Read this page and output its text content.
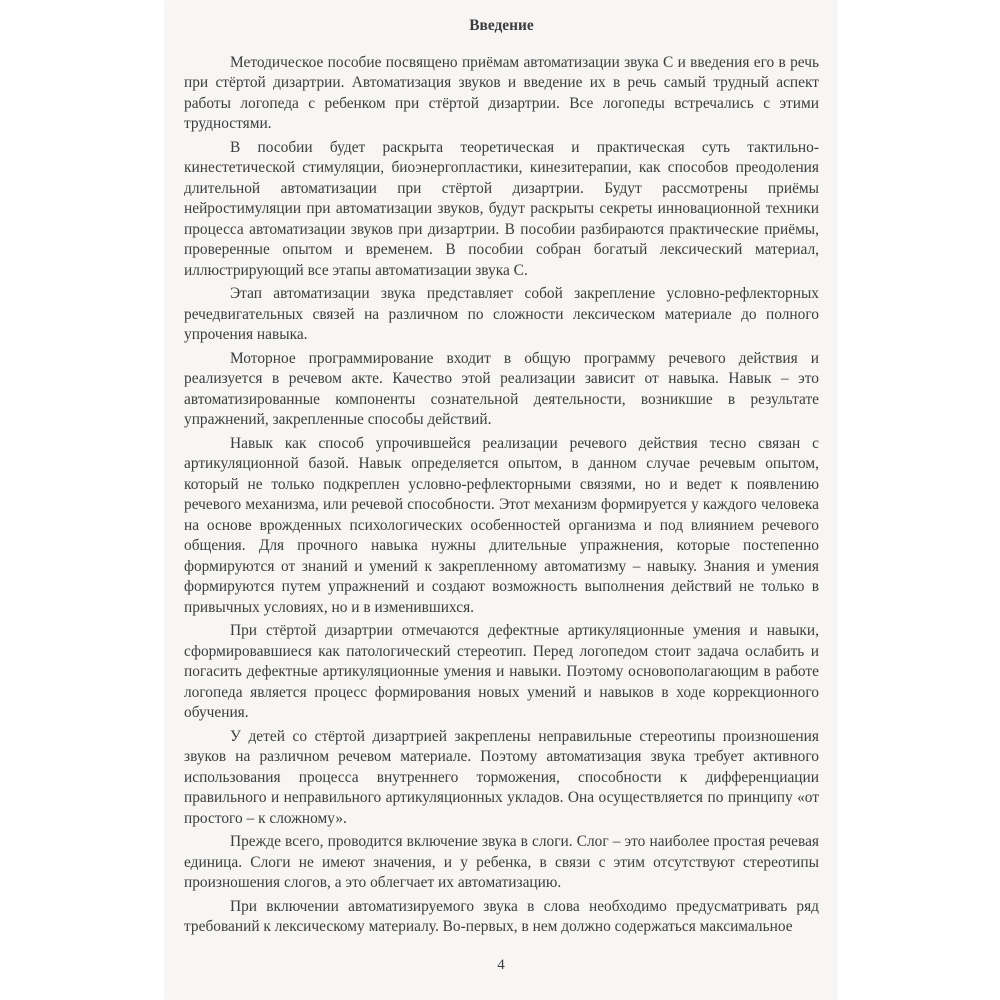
Введение

Методическое пособие посвящено приёмам автоматизации звука С и введения его в речь при стёртой дизартрии. Автоматизация звуков и введение их в речь самый трудный аспект работы логопеда с ребенком при стёртой дизартрии. Все логопеды встречались с этими трудностями.

В пособии будет раскрыта теоретическая и практическая суть тактильно-кинестетической стимуляции, биоэнергопластики, кинезитерапии, как способов преодоления длительной автоматизации при стёртой дизартрии. Будут рассмотрены приёмы нейростимуляции при автоматизации звуков, будут раскрыты секреты инновационной техники процесса автоматизации звуков при дизартрии. В пособии разбираются практические приёмы, проверенные опытом и временем. В пособии собран богатый лексический материал, иллюстрирующий все этапы автоматизации звука С.

Этап автоматизации звука представляет собой закрепление условно-рефлекторных речедвигательных связей на различном по сложности лексическом материале до полного упрочения навыка.

Моторное программирование входит в общую программу речевого действия и реализуется в речевом акте. Качество этой реализации зависит от навыка. Навык – это автоматизированные компоненты сознательной деятельности, возникшие в результате упражнений, закрепленные способы действий.

Навык как способ упрочившейся реализации речевого действия тесно связан с артикуляционной базой. Навык определяется опытом, в данном случае речевым опытом, который не только подкреплен условно-рефлекторными связями, но и ведет к появлению речевого механизма, или речевой способности. Этот механизм формируется у каждого человека на основе врожденных психологических особенностей организма и под влиянием речевого общения. Для прочного навыка нужны длительные упражнения, которые постепенно формируются от знаний и умений к закрепленному автоматизму – навыку. Знания и умения формируются путем упражнений и создают возможность выполнения действий не только в привычных условиях, но и в изменившихся.

При стёртой дизартрии отмечаются дефектные артикуляционные умения и навыки, сформировавшиеся как патологический стереотип. Перед логопедом стоит задача ослабить и погасить дефектные артикуляционные умения и навыки. Поэтому основополагающим в работе логопеда является процесс формирования новых умений и навыков в ходе коррекционного обучения.

У детей со стёртой дизартрией закреплены неправильные стереотипы произношения звуков на различном речевом материале. Поэтому автоматизация звука требует активного использования процесса внутреннего торможения, способности к дифференциации правильного и неправильного артикуляционных укладов. Она осуществляется по принципу «от простого – к сложному».

Прежде всего, проводится включение звука в слоги. Слог – это наиболее простая речевая единица. Слоги не имеют значения, и у ребенка, в связи с этим отсутствуют стереотипы произношения слогов, а это облегчает их автоматизацию.

При включении автоматизируемого звука в слова необходимо предусматривать ряд требований к лексическому материалу. Во-первых, в нем должно содержаться максимальное

4
